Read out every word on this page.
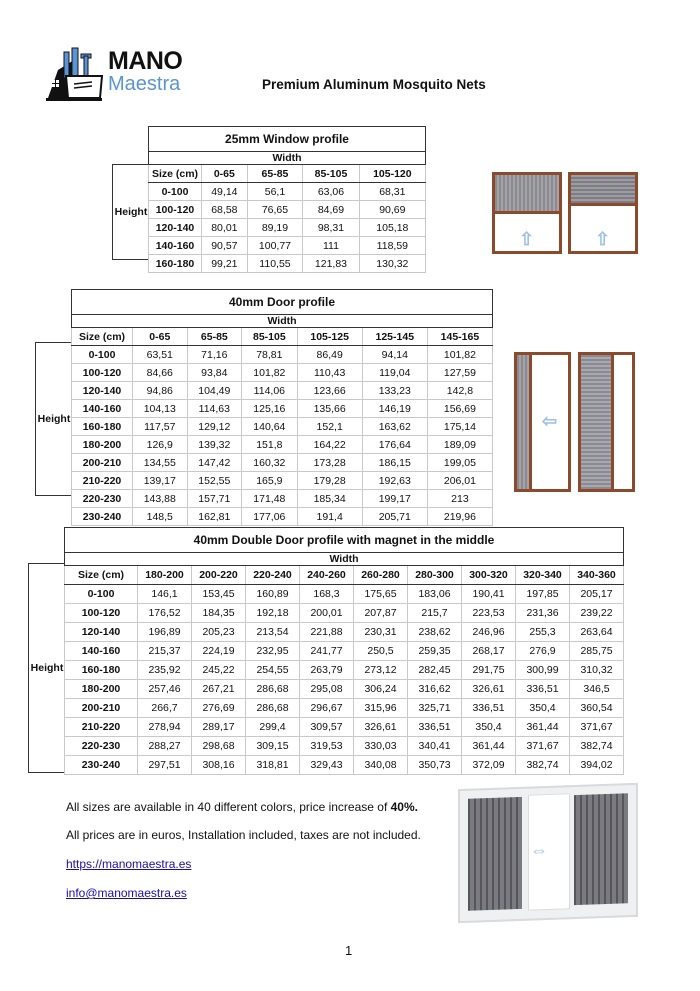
MANO
Maestra	Premium Aluminum Mosquito Nets
Height
25mm Window profile				
Width				
Size (cm)	0-65	65-85	85-105	105-120
0-100	49,14	56,1	63,06	68,31
100-120	68,58	76,65	84,69	90,69
120-140	80,01	89,19	98,31	105,18
140-160	90,57	100,77	111	118,59
160-180	99,21	110,55	121,83	130,32
⇧	⇧
Height
40mm Door profile						
Width						
Size (cm)	0-65	65-85	85-105	105-125	125-145	145-165
0-100	63,51	71,16	78,81	86,49	94,14	101,82
100-120	84,66	93,84	101,82	110,43	119,04	127,59
120-140	94,86	104,49	114,06	123,66	133,23	142,8
140-160	104,13	114,63	125,16	135,66	146,19	156,69
160-180	117,57	129,12	140,64	152,1	163,62	175,14
180-200	126,9	139,32	151,8	164,22	176,64	189,09
200-210	134,55	147,42	160,32	173,28	186,15	199,05
210-220	139,17	152,55	165,9	179,28	192,63	206,01
220-230	143,88	157,71	171,48	185,34	199,17	213
230-240	148,5	162,81	177,06	191,4	205,71	219,96
⇦
Height
40mm Double Door profile with magnet in the middle									
Width									
Size (cm)	180-200	200-220	220-240	240-260	260-280	280-300	300-320	320-340	340-360
0-100	146,1	153,45	160,89	168,3	175,65	183,06	190,41	197,85	205,17
100-120	176,52	184,35	192,18	200,01	207,87	215,7	223,53	231,36	239,22
120-140	196,89	205,23	213,54	221,88	230,31	238,62	246,96	255,3	263,64
140-160	215,37	224,19	232,95	241,77	250,5	259,35	268,17	276,9	285,75
160-180	235,92	245,22	254,55	263,79	273,12	282,45	291,75	300,99	310,32
180-200	257,46	267,21	286,68	295,08	306,24	316,62	326,61	336,51	346,5
200-210	266,7	276,69	286,68	296,67	315,96	325,71	336,51	350,4	360,54
210-220	278,94	289,17	299,4	309,57	326,61	336,51	350,4	361,44	371,67
220-230	288,27	298,68	309,15	319,53	330,03	340,41	361,44	371,67	382,74
230-240	297,51	308,16	318,81	329,43	340,08	350,73	372,09	382,74	394,02
All sizes are available in 40 different colors, price increase of 40%.
All prices are in euros, Installation included, taxes are not included.
https://manomaestra.es
info@manomaestra.es
⇔
1
